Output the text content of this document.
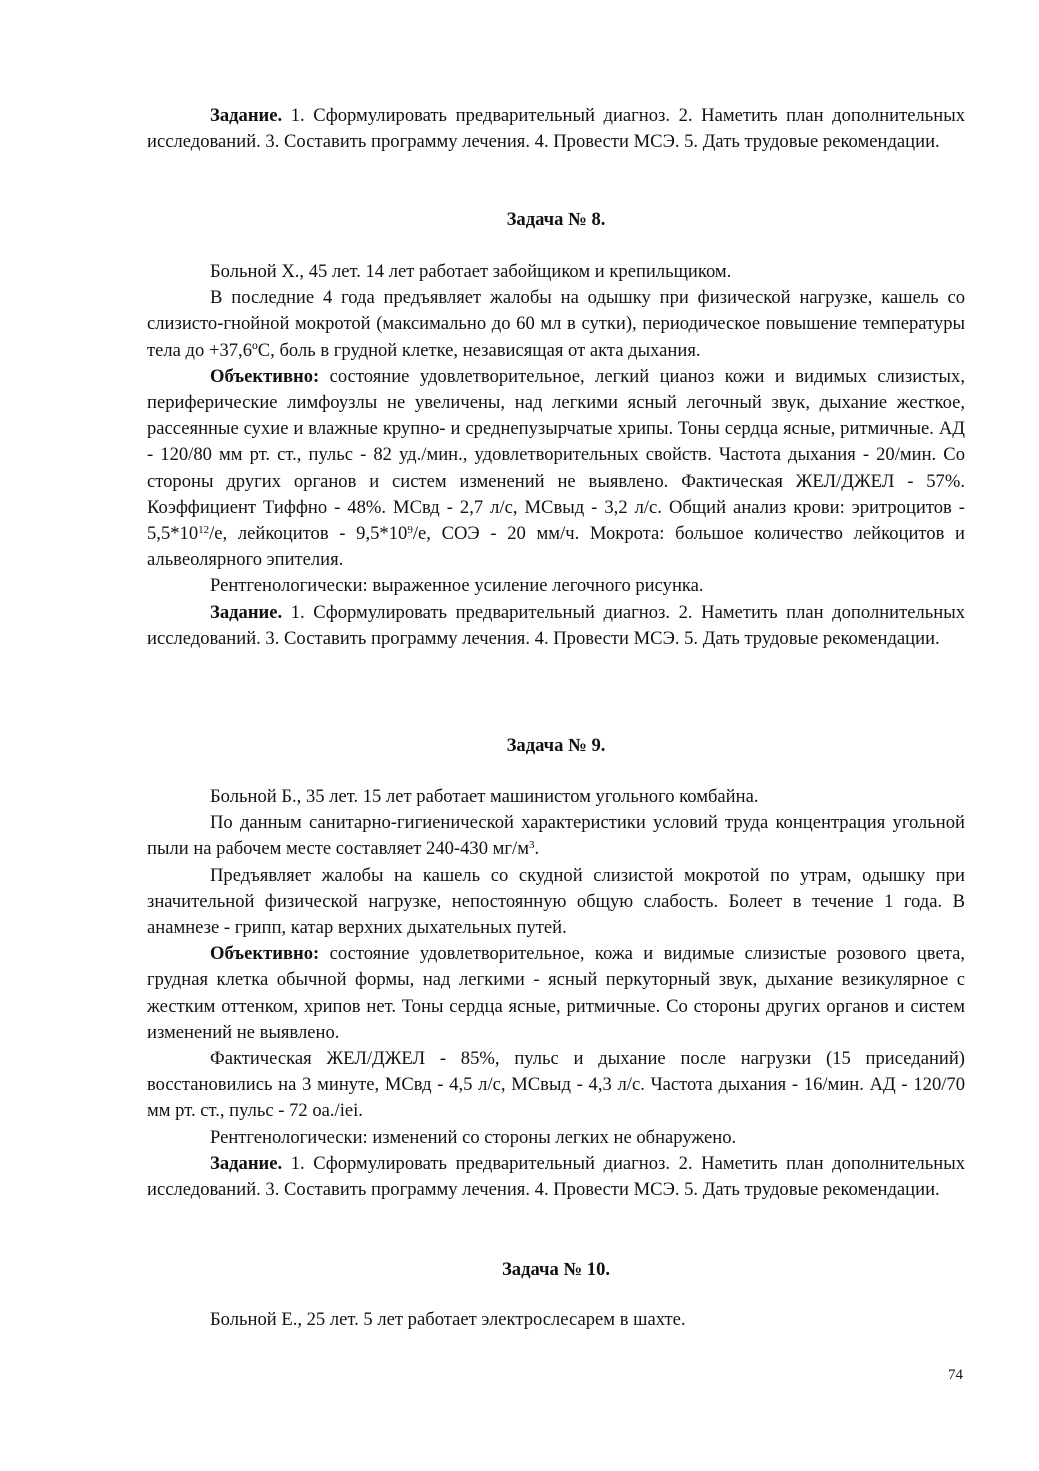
Задание. 1. Сформулировать предварительный диагноз. 2. Наметить план дополнительных исследований. 3. Составить программу лечения. 4. Провести МСЭ. 5. Дать трудовые рекомендации.

Задача № 8.

Больной Х., 45 лет. 14 лет работает забойщиком и крепильщиком.

В последние 4 года предъявляет жалобы на одышку при физической нагрузке, кашель со слизисто-гнойной мокротой (максимально до 60 мл в сутки), периодическое повышение температуры тела до +37,6ºС, боль в грудной клетке, независящая от акта дыхания.

Объективно: состояние удовлетворительное, легкий цианоз кожи и видимых слизистых, периферические лимфоузлы не увеличены, над легкими ясный легочный звук, дыхание жесткое, рассеянные сухие и влажные крупно- и среднепузырчатые хрипы. Тоны сердца ясные, ритмичные. АД - 120/80 мм рт. ст., пульс - 82 уд./мин., удовлетворительных свойств. Частота дыхания - 20/мин. Со стороны других органов и систем изменений не выявлено. Фактическая ЖЕЛ/ДЖЕЛ - 57%. Коэффициент Тиффно - 48%. МСвд - 2,7 л/с, МСвыд - 3,2 л/с. Общий анализ крови: эритроцитов - $5,5*10^{12}/е$, лейкоцитов - $9,5*10^9/е$, СОЭ - 20 мм/ч. Мокрота: большое количество лейкоцитов и альвеолярного эпителия.

Рентгенологически: выраженное усиление легочного рисунка.

Задание. 1. Сформулировать предварительный диагноз. 2. Наметить план дополнительных исследований. 3. Составить программу лечения. 4. Провести МСЭ. 5. Дать трудовые рекомендации.

Задача № 9.

Больной Б., 35 лет. 15 лет работает машинистом угольного комбайна.

По данным санитарно-гигиенической характеристики условий труда концентрация угольной пыли на рабочем месте составляет 240-430 $мг/м^3$.

Предъявляет жалобы на кашель со скудной слизистой мокротой по утрам, одышку при значительной физической нагрузке, непостоянную общую слабость. Болеет в течение 1 года. В анамнезе - грипп, катар верхних дыхательных путей.

Объективно: состояние удовлетворительное, кожа и видимые слизистые розового цвета, грудная клетка обычной формы, над легкими - ясный перкуторный звук, дыхание везикулярное с жестким оттенком, хрипов нет. Тоны сердца ясные, ритмичные. Со стороны других органов и систем изменений не выявлено.

Фактическая ЖЕЛ/ДЖЕЛ - 85%, пульс и дыхание после нагрузки (15 приседаний) восстановились на 3 минуте, МСвд - 4,5 л/с, МСвыд - 4,3 л/с. Частота дыхания - 16/мин. АД - 120/70 мм рт. ст., пульс - 72 оа./iei.

Рентгенологически: изменений со стороны легких не обнаружено.

Задание. 1. Сформулировать предварительный диагноз. 2. Наметить план дополнительных исследований. 3. Составить программу лечения. 4. Провести МСЭ. 5. Дать трудовые рекомендации.

Задача № 10.

Больной Е., 25 лет. 5 лет работает электрослесарем в шахте.

74
